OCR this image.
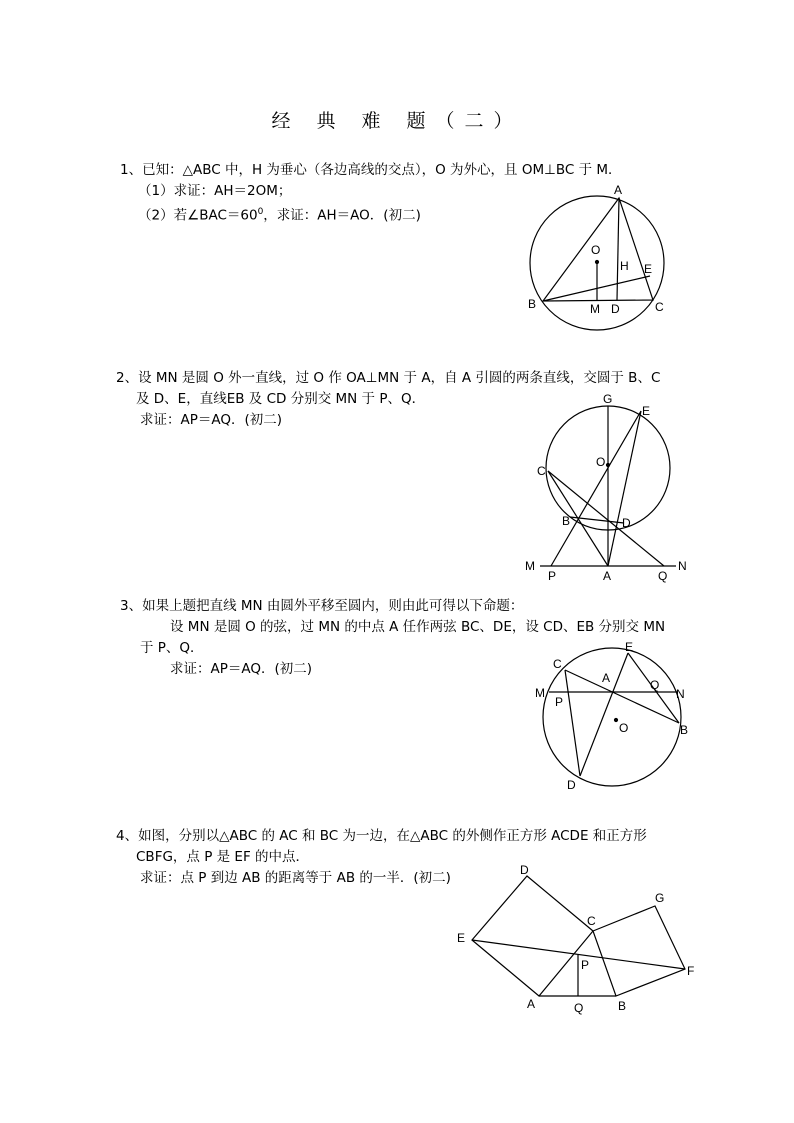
经 典 难 题（二）
1、已知：△ABC 中，H 为垂心（各边高线的交点），O 为外心，且 OM⊥BC 于 M．
（1）求证：AH＝2OM；
（2）若$\angle BAC=60^0$，求证：AH＝AO．(初二)
2、设 MN 是圆 O 外一直线，过 O 作 OA⊥MN 于 A，自 A 引圆的两条直线，交圆于 B、C
及 D、E，直线EB 及 CD 分别交 MN 于 P、Q．
求证：AP＝AQ．(初二)
3、如果上题把直线 MN 由圆外平移至圆内，则由此可得以下命题：
设 MN 是圆 O 的弦，过 MN 的中点 A 任作两弦 BC、DE，设 CD、EB 分别交 MN
于 P、Q．
求证：AP＝AQ．(初二)
4、如图，分别以△ABC 的 AC 和 BC 为一边，在△ABC 的外侧作正方形 ACDE 和正方形
CBFG，点 P 是 EF 的中点．
求证：点 P 到边 AB 的距离等于 AB 的一半．(初二)
A
O
H E
B	M D	C
G
E
O
C
B	D
M
P	A	Q
N
E
C
A	Q
M	N
P
O	B
D
D
G
C
E
P	F
A	Q	B
